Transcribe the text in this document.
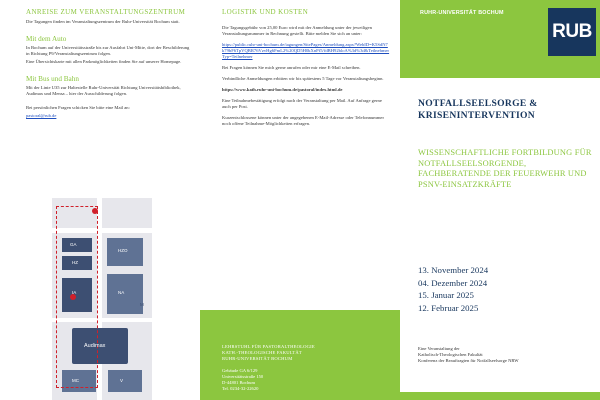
ANREISE ZUM VERANSTALTUNGSZENTRUM

Die Tagungen finden im Veranstaltungszentrum der Ruhr-Universität Bochum statt.

Mit dem Auto

In Bochum auf der Universitätsstraße bis zur Ausfahrt Uni-Mitte, dort der Beschilderung in Richtung P9/Veranstaltungszentrum folgen.

Eine Übersichtskarte mit allen Parkmöglichkeiten finden Sie auf unserer Homepage.

Mit Bus und Bahn

Mit der Linie U35 zur Haltestelle Ruhr-Universität Richtung Universitätsbibliothek, Audimax und Mensa – hier der Ausschilderung folgen.

Bei persönlichen Fragen schicken Sie bitte eine Mail an:

pastoral@rub.de

Audimax
GA
HZO
NA
IA
MC
HZ
V
M
LOGISTIK UND KOSTEN

Die Tagungsgebühr von 25,00 Euro wird mit der Anmeldung unter der jeweiligen Veranstaltungsnummer in Rechnung gestellt. Bitte melden Sie sich an unter:

https://public.ruhr-uni-bochum.de/tagungen/SitePages/Anmeldung.aspx?WebID=K5SdN7k79bF6TpVQBR76VzvHg6FmL2%20QD5H0kXnPf5/fdBH92bloA%3d%3d&Teilnehmer Typ=Teilnehmer

Bei Fragen können Sie mich gerne anrufen oder mir eine E-Mail schreiben.

Verbindliche Anmeldungen erbitten wir bis spätestens 5 Tage vor Veranstaltungsbeginn.

https://www.kath.ruhr-uni-bochum.de/pastoral/index.html.de

Eine Teilnahmebestätigung erfolgt nach der Veranstaltung per Mail. Auf Anfrage gerne auch per Post.

Kurzentschlossene können unter der angegebenen E-Mail-Adresse oder Telefonnummer noch offene Teilnahme-Möglichkeiten erfragen.

LEHRSTUHL FÜR PASTORALTHEOLOGIE

KATH.-THEOLOGISCHE FAKULTÄT

RUHR-UNIVERSITÄT BOCHUM

Gebäude GA 6/129

Universitätsstraße 150

D-44801 Bochum

Tel. 0234-32-22620

RUHR-UNIVERSITÄT BOCHUM
RUB
NOTFALLSEELSORGE &
KRISENINTERVENTION
WISSENSCHAFTLICHE FORTBILDUNG FÜR NOTFALLSEELSORGENDE, FACHBERATENDE DER FEUERWEHR UND PSNV-EINSATZKRÄFTE
13. November 2024
04. Dezember 2024
15. Januar 2025
12. Februar 2025
Eine Veranstaltung der
Katholisch-Theologischen Fakultät
Konferenz der Beauftragten für Notfallseelsorge NRW
